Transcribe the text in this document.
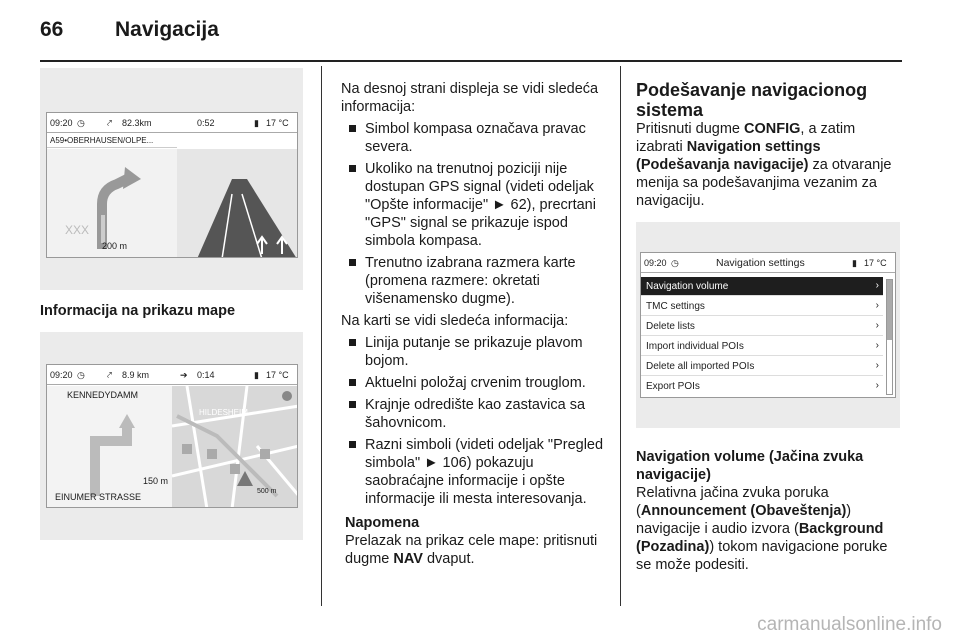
66 Navigacija
09:20 ◷ ⤤ 82.3km	0:52	▮ 17 °C
A59•OBERHAUSEN/OLPE...
XXX
200 m
Informacija na prikazu mape
09:20 ◷ ⤤ 8.9 km	➔ 0:14	▮ 17 °C
KENNEDYDAMM
HILDESHEIM
150 m
EINUMER STRASSE
500 m

Na desnoj strani displeja se vidi sledeća informacija:

Simbol kompasa označava pravac severa.

Ukoliko na trenutnoj poziciji nije dostupan GPS signal (videti odeljak "Opšte informacije" ► 62), precrtani "GPS" signal se prikazuje ispod simbola kompasa.

Trenutno izabrana razmera karte (promena razmere: okretati višenamensko dugme).

Na karti se vidi sledeća informacija:

Linija putanje se prikazuje plavom bojom.

Aktuelni položaj crvenim trouglom.

Krajnje odredište kao zastavica sa šahovnicom.

Razni simboli (videti odeljak "Pregled simbola" ► 106) pokazuju saobraćajne informacije i opšte informacije ili mesta interesovanja.

Napomena

Prelazak na prikaz cele mape: pritisnuti dugme NAV dvaput.

Podešavanje navigacionog sistema

Pritisnuti dugme CONFIG, a zatim izabrati Navigation settings (Podešavanja navigacije) za otvaranje menija sa podešavanjima vezanim za navigaciju.

09:20 ◷	Navigation settings	▮ 17 °C
Navigation volume	›
TMC settings	›
Delete lists	›
Import individual POIs	›
Delete all imported POIs	›
Export POIs	›

Navigation volume (Jačina zvuka navigacije)

Relativna jačina zvuka poruka (Announcement (Obaveštenja)) navigacije i audio izvora (Background (Pozadina)) tokom navigacione poruke se može podesiti.

carmanualsonline.info
